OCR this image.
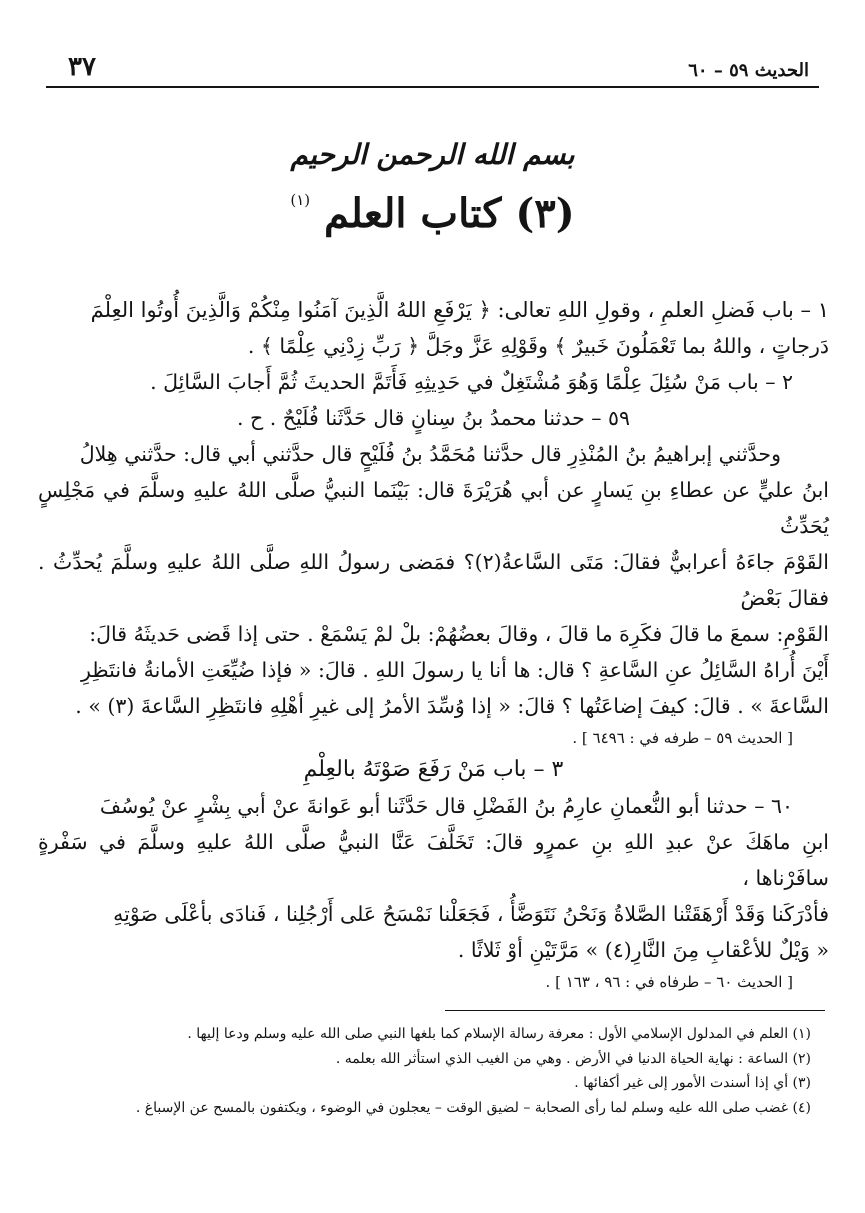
٣٧	الحديث ٥٩ – ٦٠
بسم الله الرحمن الرحيم
(٣) كتاب العلم $^{(١)}$

١ – باب فَضلِ العلمِ ، وقولِ اللهِ تعالى: ﴿ يَرْفَعِ اللهُ الَّذِينَ آمَنُوا مِنْكُمْ وَالَّذِينَ أُوتُوا العِلْمَ

دَرجاتٍ ، واللهُ بما تَعْمَلُونَ خَبيرٌ ﴾ وقَوْلِهِ عَزَّ وجَلَّ ﴿ رَبِّ زِدْنِي عِلْمًا ﴾ .

٢ – باب مَنْ سُئِلَ عِلْمًا وَهُوَ مُشْتَغِلٌ في حَدِيثِهِ فَأَتَمَّ الحديثَ ثُمَّ أَجابَ السَّائِلَ .

٥٩ – حدثنا محمدُ بنُ سِنانٍ قال حَدَّثَنا فُلَيْحٌ . ح .

وحدَّثني إبراهيمُ بنُ المُنْذِرِ قال حدَّثنا مُحَمَّدُ بنُ فُلَيْحٍ قال حدَّثني أبي قال: حدَّثني هِلالُ

ابنُ عليٍّ عن عطاءِ بنِ يَسارٍ عن أبي هُرَيْرَةَ قال: بَيْنَما النبيُّ صلَّى اللهُ عليهِ وسلَّمَ في مَجْلِسٍ يُحَدِّثُ

القَوْمَ جاءَهُ أعرابيٌّ فقالَ: مَتَى السَّاعةُ(٢)؟ فمَضى رسولُ اللهِ صلَّى اللهُ عليهِ وسلَّمَ يُحدِّثُ . فقالَ بَعْضُ

القَوْمِ: سمعَ ما قالَ فكَرِهَ ما قالَ ، وقالَ بعضُهُمْ: بلْ لمْ يَسْمَعْ . حتى إذا قَضى حَديثَهُ قالَ:

أَيْنَ أُراهُ السَّائِلُ عنِ السَّاعةِ ؟ قال: ها أنا يا رسولَ اللهِ . قالَ: « فإذا ضُيِّعَتِ الأمانةُ فانتَظِرِ

السَّاعةَ » . قالَ: كيفَ إضاعَتُها ؟ قالَ: « إذا وُسِّدَ الأمرُ إلى غيرِ أهْلِهِ فانتَظِرِ السَّاعةَ (٣) » .

[ الحديث ٥٩ – طرفه في : ٦٤٩٦ ] .

٣ – باب مَنْ رَفَعَ صَوْتَهُ بالعِلْمِ

٦٠ – حدثنا أبو النُّعمانِ عارِمُ بنُ الفَضْلِ قال حَدَّثَنا أبو عَوانةَ عنْ أبي بِشْرٍ عنْ يُوسُفَ

ابنِ ماهَكَ عنْ عبدِ اللهِ بنِ عمرٍو قالَ: تَخَلَّفَ عَنَّا النبيُّ صلَّى اللهُ عليهِ وسلَّمَ في سَفْرةٍ سافَرْناها ،

فأدْرَكَنا وَقَدْ أَرْهَقَتْنا الصَّلاةُ وَنَحْنُ نَتَوَضَّأُ ، فَجَعَلْنا نَمْسَحُ عَلى أَرْجُلِنا ، فَنادَى بأعْلَى صَوْتِهِ

« وَيْلٌ للأعْقابِ مِنَ النَّارِ(٤) » مَرَّتَيْنِ أوْ ثَلاثًا .

[ الحديث ٦٠ – طرفاه في : ٩٦ ، ١٦٣ ] .

(١) العلم في المدلول الإسلامي الأول : معرفة رسالة الإسلام كما بلغها النبي صلى الله عليه وسلم ودعا إليها .
(٢) الساعة : نهاية الحياة الدنيا في الأرض . وهي من الغيب الذي استأثر الله بعلمه .
(٣) أي إذا أسندت الأمور إلى غير أكفائها .
(٤) غضب صلى الله عليه وسلم لما رأى الصحابة – لضيق الوقت – يعجلون في الوضوء ، ويكتفون بالمسح عن الإسباغ .
